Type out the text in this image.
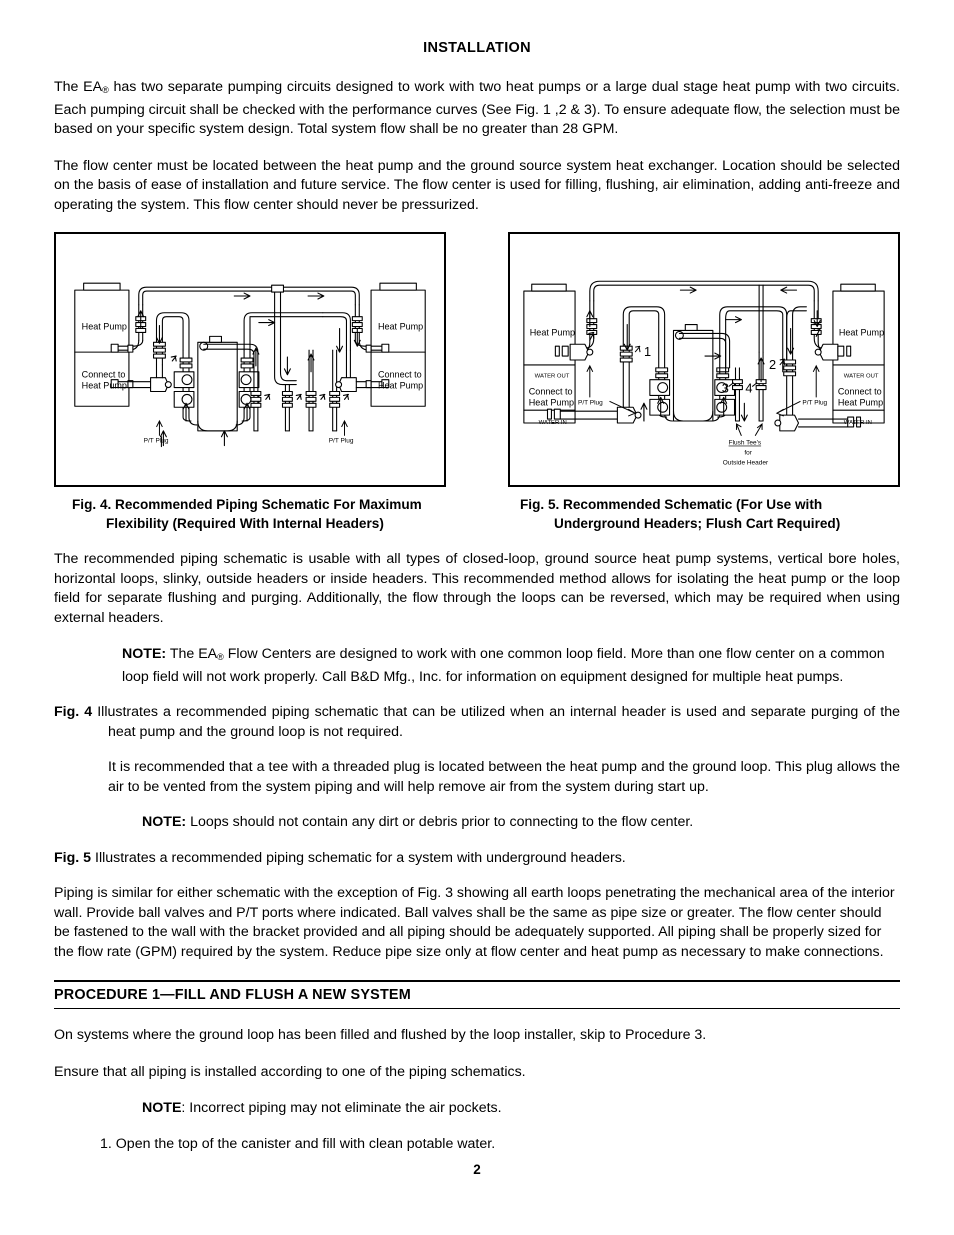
INSTALLATION

The $EA_®$ has two separate pumping circuits designed to work with two heat pumps or a large dual stage heat pump with two circuits. Each pumping circuit shall be checked with the performance curves (See Fig. 1 ,2 & 3). To ensure adequate flow, the selection must be based on your specific system design. Total system flow shall be no greater than 28 GPM.

The flow center must be located between the heat pump and the ground source system heat exchanger. Location should be selected on the basis of ease of installation and future service. The flow center is used for filling, flushing, air elimination, adding anti-freeze and operating the system. This flow center should never be pressurized.

Heat Pump
Connect to
Heat Pump
Heat Pump
Connect to
Heat Pump
P/T Plug	P/T Plug
1
2
3 4
Heat Pump
WATER OUT
Connect to
Heat Pump
WATER IN
Heat Pump
WATER OUT
Connect to
Heat Pump
WATER IN
P/T Plug	P/T Plug
Flush Tee's
for
Outside Header
Fig. 4. Recommended Piping Schematic For Maximum Flexibility (Required With Internal Headers)
Fig. 5. Recommended Schematic (For Use with Underground Headers; Flush Cart Required)

The recommended piping schematic is usable with all types of closed-loop, ground source heat pump systems, vertical bore holes, horizontal loops, slinky, outside headers or inside headers. This recommended method allows for isolating the heat pump or the loop field for separate flushing and purging. Additionally, the flow through the loops can be reversed, which may be required when using external headers.

NOTE: The $EA_®$ Flow Centers are designed to work with one common loop field. More than one flow center on a common loop field will not work properly. Call B&D Mfg., Inc. for information on equipment designed for multiple heat pumps.

Fig. 4 Illustrates a recommended piping schematic that can be utilized when an internal header is used and separate purging of the heat pump and the ground loop is not required.

It is recommended that a tee with a threaded plug is located between the heat pump and the ground loop. This plug allows the air to be vented from the system piping and will help remove air from the system during start up.

NOTE: Loops should not contain any dirt or debris prior to connecting to the flow center.

Fig. 5 Illustrates a recommended piping schematic for a system with underground headers.

Piping is similar for either schematic with the exception of Fig. 3 showing all earth loops penetrating the mechanical area of the interior wall. Provide ball valves and P/T ports where indicated. Ball valves shall be the same as pipe size or greater. The flow center should be fastened to the wall with the bracket provided and all piping should be adequately supported. All piping shall be properly sized for the flow rate (GPM) required by the system. Reduce pipe size only at flow center and heat pump as necessary to make connections.

PROCEDURE 1—FILL AND FLUSH A NEW SYSTEM

On systems where the ground loop has been filled and flushed by the loop installer, skip to Procedure 3.

Ensure that all piping is installed according to one of the piping schematics.

NOTE: Incorrect piping may not eliminate the air pockets.

1. Open the top of the canister and fill with clean potable water.

2
